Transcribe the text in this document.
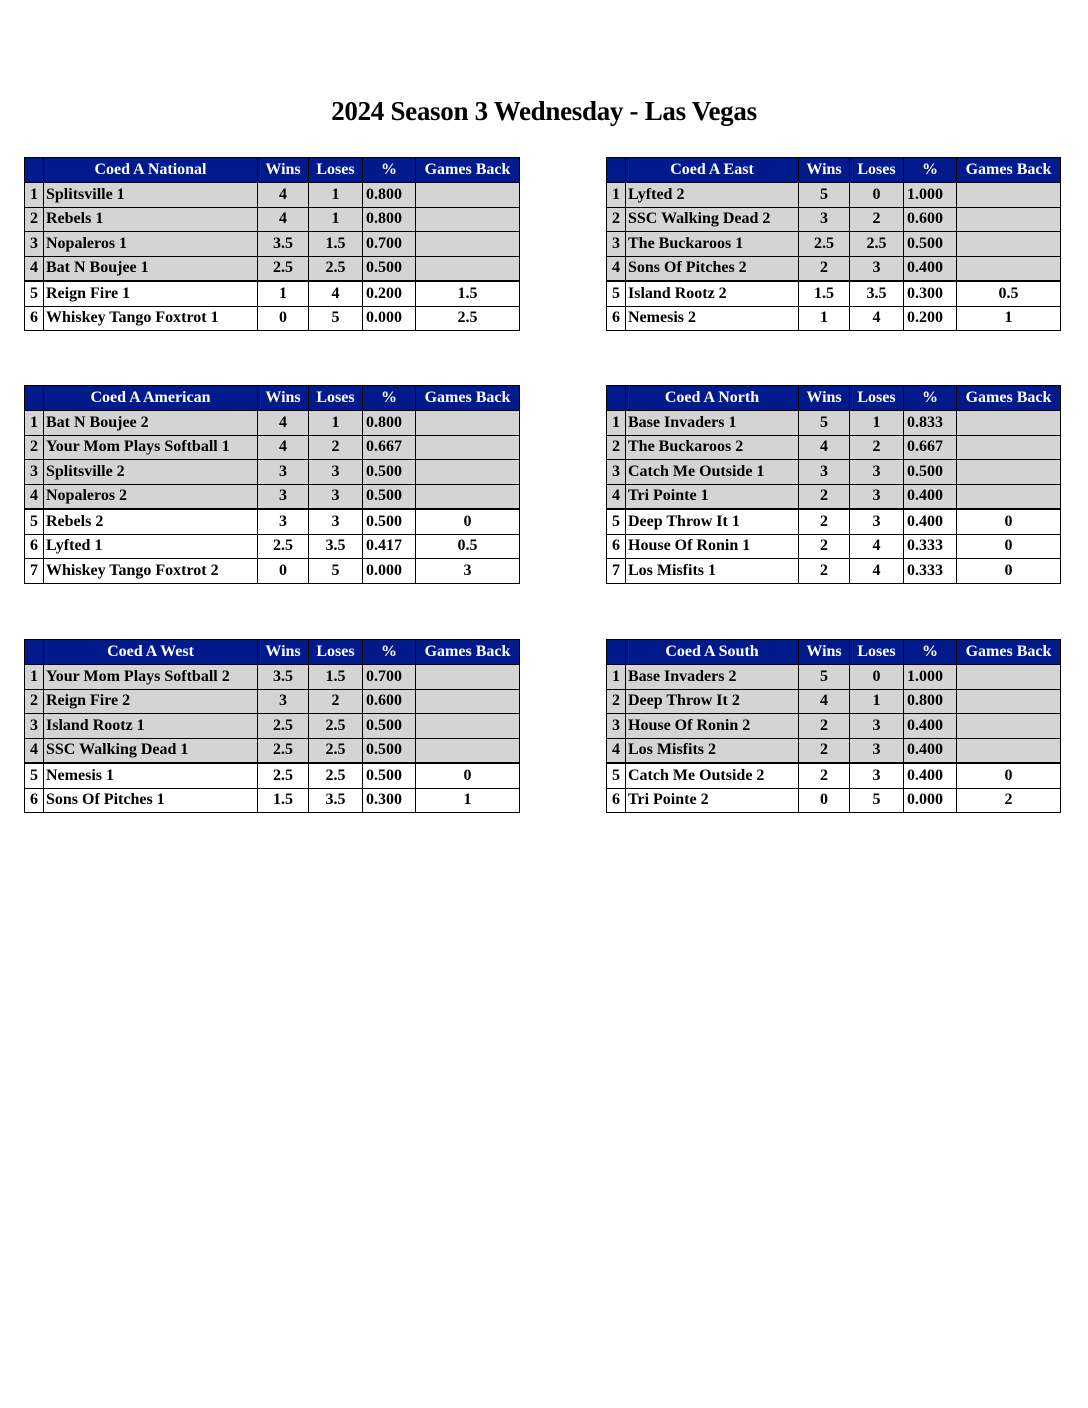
2024 Season 3 Wednesday - Las Vegas
	Coed A National	Wins	Loses	%	Games Back
1	Splitsville 1	4	1	0.800	
2	Rebels 1	4	1	0.800	
3	Nopaleros 1	3.5	1.5	0.700	
4	Bat N Boujee 1	2.5	2.5	0.500	
5	Reign Fire 1	1	4	0.200	1.5
6	Whiskey Tango Foxtrot 1	0	5	0.000	2.5
	Coed A East	Wins	Loses	%	Games Back
1	Lyfted 2	5	0	1.000	
2	SSC Walking Dead 2	3	2	0.600	
3	The Buckaroos 1	2.5	2.5	0.500	
4	Sons Of Pitches 2	2	3	0.400	
5	Island Rootz 2	1.5	3.5	0.300	0.5
6	Nemesis 2	1	4	0.200	1
	Coed A American	Wins	Loses	%	Games Back
1	Bat N Boujee 2	4	1	0.800	
2	Your Mom Plays Softball 1	4	2	0.667	
3	Splitsville 2	3	3	0.500	
4	Nopaleros 2	3	3	0.500	
5	Rebels 2	3	3	0.500	0
6	Lyfted 1	2.5	3.5	0.417	0.5
7	Whiskey Tango Foxtrot 2	0	5	0.000	3
	Coed A North	Wins	Loses	%	Games Back
1	Base Invaders 1	5	1	0.833	
2	The Buckaroos 2	4	2	0.667	
3	Catch Me Outside 1	3	3	0.500	
4	Tri Pointe 1	2	3	0.400	
5	Deep Throw It 1	2	3	0.400	0
6	House Of Ronin 1	2	4	0.333	0
7	Los Misfits 1	2	4	0.333	0
	Coed A West	Wins	Loses	%	Games Back
1	Your Mom Plays Softball 2	3.5	1.5	0.700	
2	Reign Fire 2	3	2	0.600	
3	Island Rootz 1	2.5	2.5	0.500	
4	SSC Walking Dead 1	2.5	2.5	0.500	
5	Nemesis 1	2.5	2.5	0.500	0
6	Sons Of Pitches 1	1.5	3.5	0.300	1
	Coed A South	Wins	Loses	%	Games Back
1	Base Invaders 2	5	0	1.000	
2	Deep Throw It 2	4	1	0.800	
3	House Of Ronin 2	2	3	0.400	
4	Los Misfits 2	2	3	0.400	
5	Catch Me Outside 2	2	3	0.400	0
6	Tri Pointe 2	0	5	0.000	2
